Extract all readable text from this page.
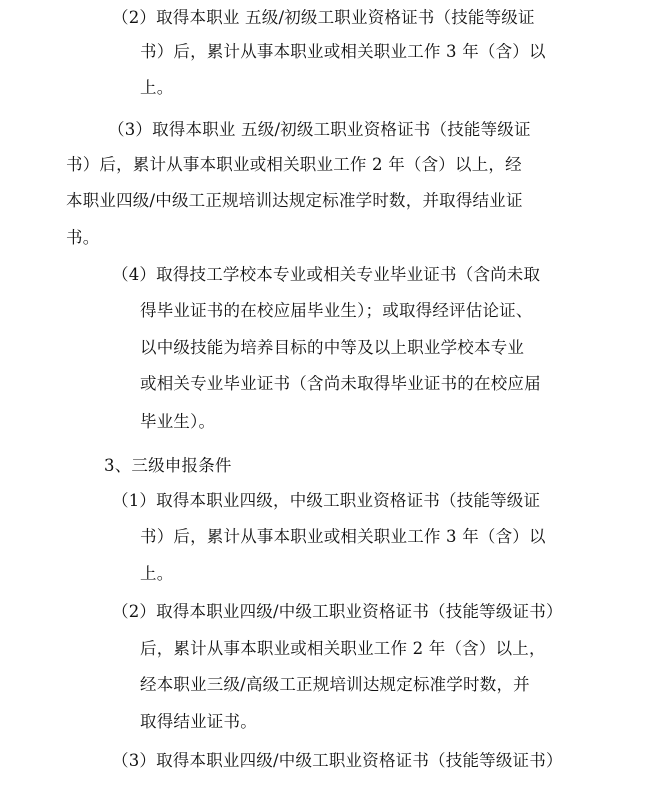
（2）取得本职业 五级/初级工职业资格证书（技能等级证
书）后，累计从事本职业或相关职业工作 3 年（含）以
上。
（3）取得本职业 五级/初级工职业资格证书（技能等级证
书）后，累计从事本职业或相关职业工作 2 年（含）以上，经
本职业四级/中级工正规培训达规定标准学时数，并取得结业证
书。
（4）取得技工学校本专业或相关专业毕业证书（含尚未取
得毕业证书的在校应届毕业生）；或取得经评估论证、
以中级技能为培养目标的中等及以上职业学校本专业
或相关专业毕业证书（含尚未取得毕业证书的在校应届
毕业生）。
3、三级申报条件
（1）取得本职业四级，中级工职业资格证书（技能等级证
书）后，累计从事本职业或相关职业工作 3 年（含）以
上。
（2）取得本职业四级/中级工职业资格证书（技能等级证书）
后，累计从事本职业或相关职业工作 2 年（含）以上，
经本职业三级/高级工正规培训达规定标准学时数，并
取得结业证书。
（3）取得本职业四级/中级工职业资格证书（技能等级证书）
